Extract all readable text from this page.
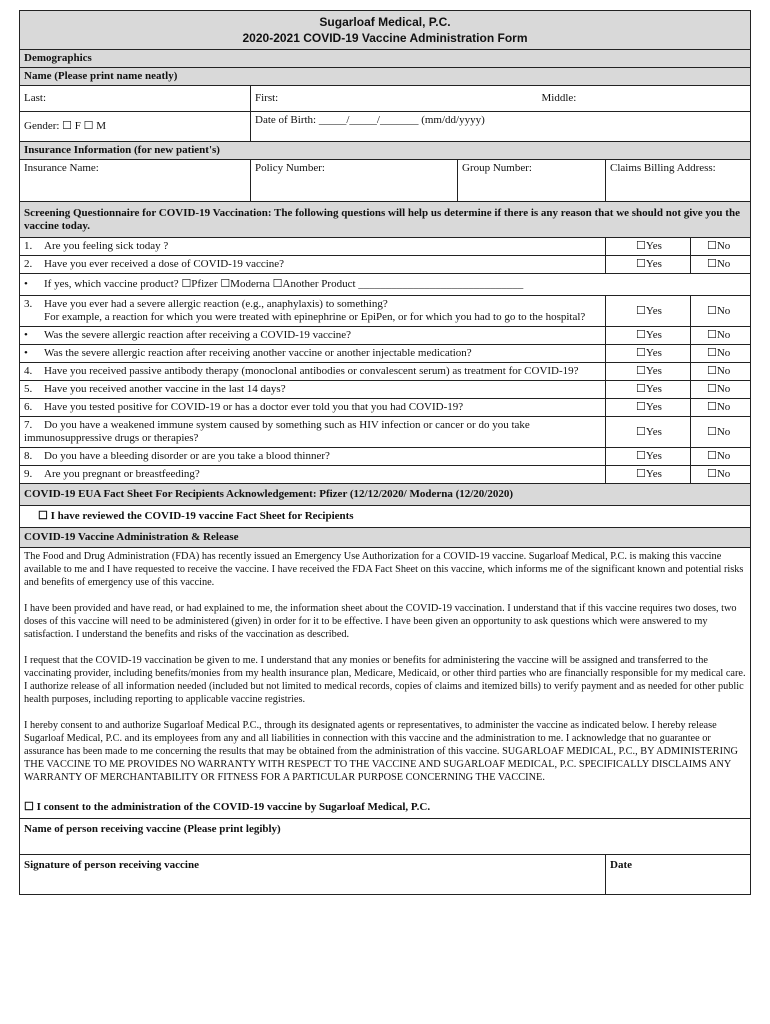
Sugarloaf Medical, P.C.
2020-2021 COVID-19 Vaccine Administration Form					

Demographics					
Name (Please print name neatly)					
Last:	First:		Middle:		
Gender: ☐ F ☐ M	Date of Birth: _____/_____/_______ (mm/dd/yyyy)				
Insurance Information (for new patient's)					
Insurance Name:	Policy Number:	Group Number:		Claims Billing Address:	
Screening Questionnaire for COVID-19 Vaccination: The following questions will help us determine if there is any reason that we should not give you the vaccine today.					
1. Are you feeling sick today ?				☐Yes	☐No
2. Have you ever received a dose of COVID-19 vaccine?				☐Yes	☐No
• If yes, which vaccine product? ☐Pfizer ☐Moderna ☐Another Product ______________________________					
3. Have you ever had a severe allergic reaction (e.g., anaphylaxis) to something?
For example, a reaction for which you were treated with epinephrine or EpiPen, or for which you had to go to the hospital?				☐Yes	☐No
• Was the severe allergic reaction after receiving a COVID-19 vaccine?				☐Yes	☐No
• Was the severe allergic reaction after receiving another vaccine or another injectable medication?				☐Yes	☐No
4. Have you received passive antibody therapy (monoclonal antibodies or convalescent serum) as treatment for COVID-19?				☐Yes	☐No
5. Have you received another vaccine in the last 14 days?				☐Yes	☐No
6. Have you tested positive for COVID-19 or has a doctor ever told you that you had COVID-19?				☐Yes	☐No
7. Do you have a weakened immune system caused by something such as HIV infection or cancer or do you take immunosuppressive drugs or therapies?				☐Yes	☐No
8. Do you have a bleeding disorder or are you take a blood thinner?				☐Yes	☐No
9. Are you pregnant or breastfeeding?				☐Yes	☐No
COVID-19 EUA Fact Sheet For Recipients Acknowledgement: Pfizer (12/12/2020/ Moderna (12/20/2020)					
☐ I have reviewed the COVID-19 vaccine Fact Sheet for Recipients					
COVID-19 Vaccine Administration & Release					

The Food and Drug Administration (FDA) has recently issued an Emergency Use Authorization for a COVID-19 vaccine. Sugarloaf Medical, P.C. is making this vaccine available to me and I have requested to receive the vaccine. I have received the FDA Fact Sheet on this vaccine, which informs me of the significant known and potential risks and benefits of emergency use of this vaccine.

I have been provided and have read, or had explained to me, the information sheet about the COVID-19 vaccination. I understand that if this vaccine requires two doses, two doses of this vaccine will need to be administered (given) in order for it to be effective. I have been given an opportunity to ask questions which were answered to my satisfaction. I understand the benefits and risks of the vaccination as described.

I request that the COVID-19 vaccination be given to me. I understand that any monies or benefits for administering the vaccine will be assigned and transferred to the vaccinating provider, including benefits/monies from my health insurance plan, Medicare, Medicaid, or other third parties who are financially responsible for my medical care. I authorize release of all information needed (included but not limited to medical records, copies of claims and itemized bills) to verify payment and as needed for other public health purposes, including reporting to applicable vaccine registries.

I hereby consent to and authorize Sugarloaf Medical P.C., through its designated agents or representatives, to administer the vaccine as indicated below. I hereby release Sugarloaf Medical, P.C. and its employees from any and all liabilities in connection with this vaccine and the administration to me. I acknowledge that no guarantee or assurance has been made to me concerning the results that may be obtained from the administration of this vaccine. SUGARLOAF MEDICAL, P.C., BY ADMINISTERING THE VACCINE TO ME PROVIDES NO WARRANTY WITH RESPECT TO THE VACCINE AND SUGARLOAF MEDICAL, P.C. SPECIFICALLY DISCLAIMS ANY WARRANTY OF MERCHANTABILITY OR FITNESS FOR A PARTICULAR PURPOSE CONCERNING THE VACCINE.

☐ I consent to the administration of the COVID-19 vaccine by Sugarloaf Medical, P.C.					

Name of person receiving vaccine (Please print legibly)					
Signature of person receiving vaccine				Date	
